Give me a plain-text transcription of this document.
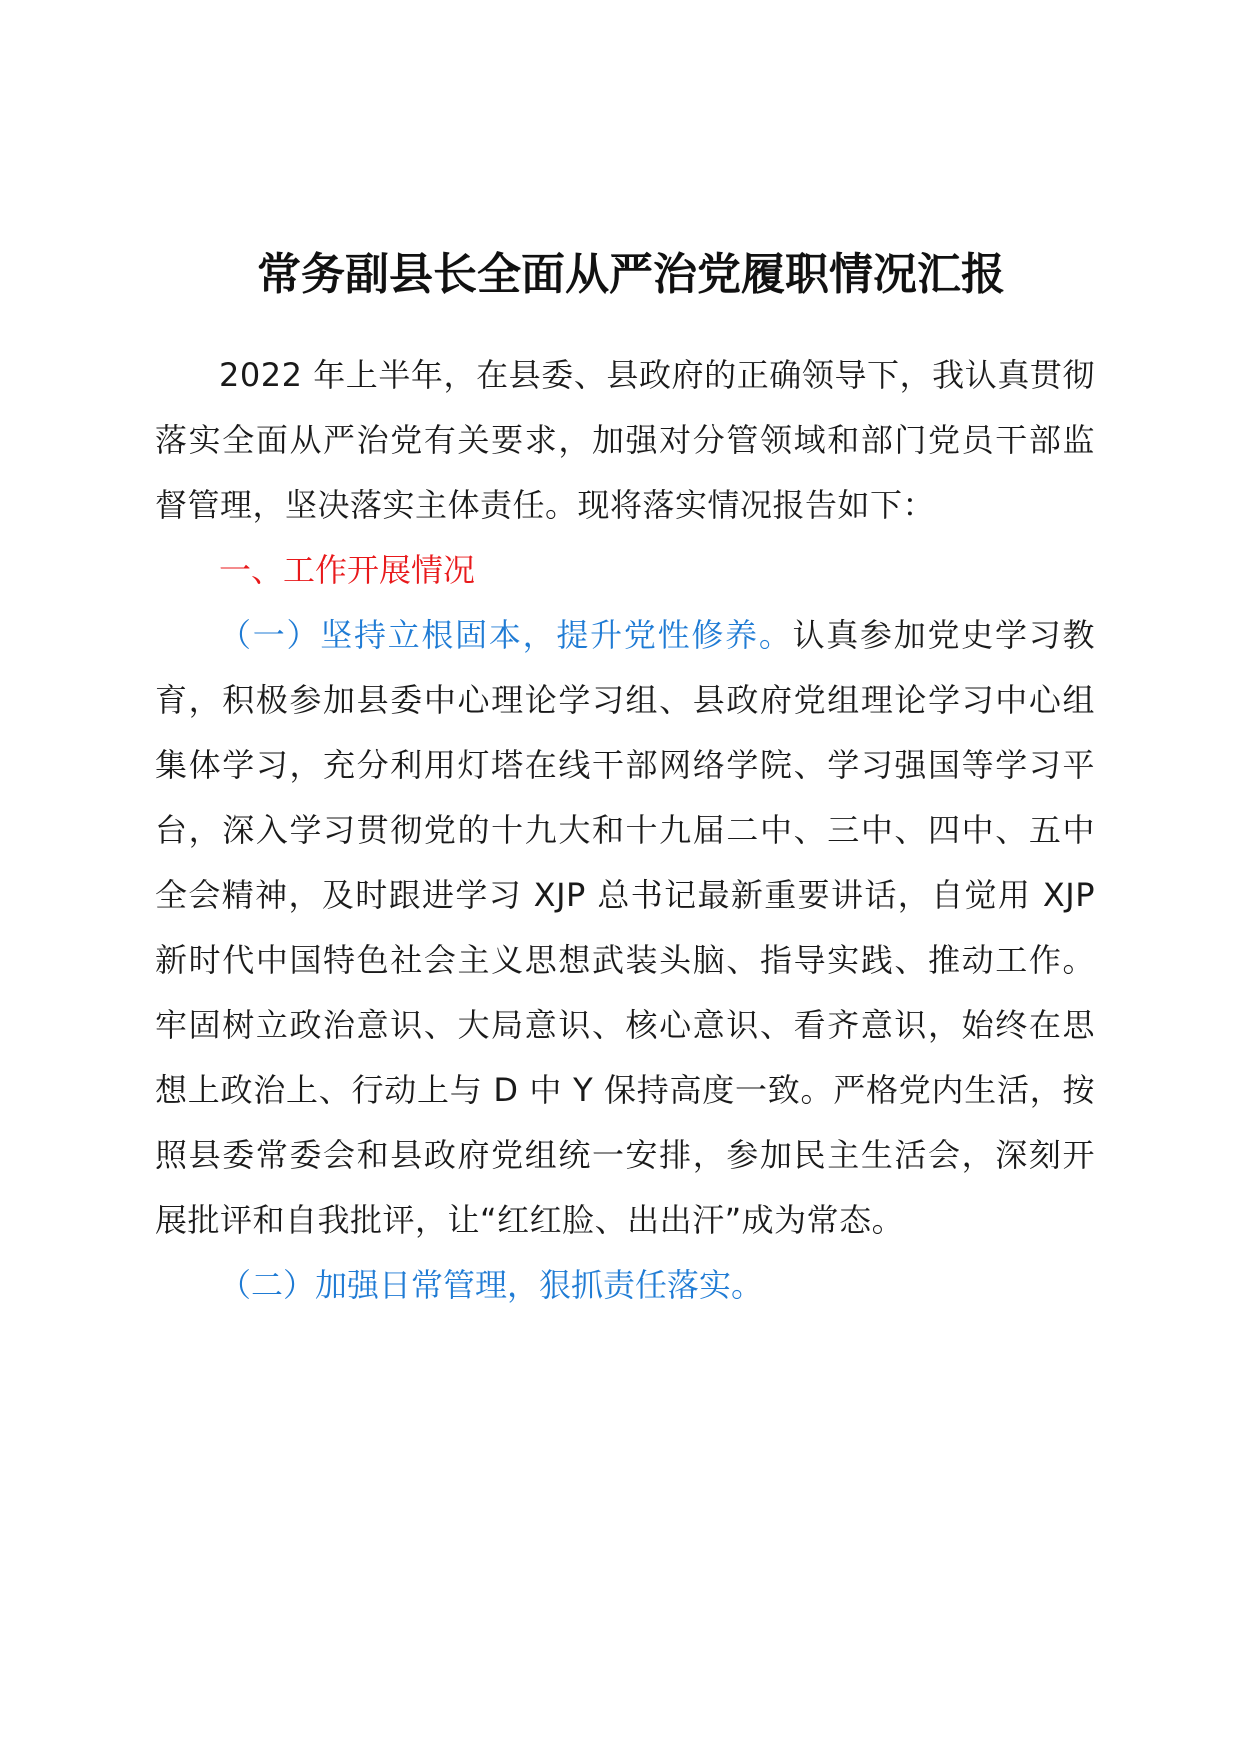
常务副县长全面从严治党履职情况汇报

2022 年上半年，在县委、县政府的正确领导下，我认真贯彻落实全面从严治党有关要求，加强对分管领域和部门党员干部监督管理，坚决落实主体责任。现将落实情况报告如下：

一、工作开展情况

（一）坚持立根固本，提升党性修养。认真参加党史学习教育，积极参加县委中心理论学习组、县政府党组理论学习中心组集体学习，充分利用灯塔在线干部网络学院、学习强国等学习平台，深入学习贯彻党的十九大和十九届二中、三中、四中、五中全会精神，及时跟进学习 XJP 总书记最新重要讲话，自觉用 XJP 新时代中国特色社会主义思想武装头脑、指导实践、推动工作。牢固树立政治意识、大局意识、核心意识、看齐意识，始终在思想上政治上、行动上与 D 中 Y 保持高度一致。严格党内生活，按照县委常委会和县政府党组统一安排，参加民主生活会，深刻开展批评和自我批评，让“红红脸、出出汗”成为常态。

（二）加强日常管理，狠抓责任落实。
